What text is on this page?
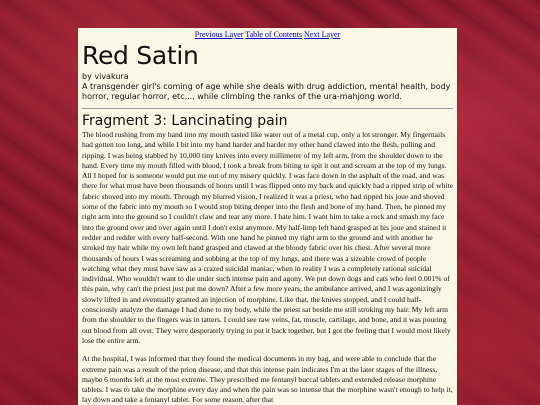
Previous Layer Table of Contents Next Layer
Red Satin

by vivakura

A transgender girl's coming of age while she deals with drug addiction, mental health, body horror, regular horror, etc..., while climbing the ranks of the ura-mahjong world.

Fragment 3: Lancinating pain

The blood rushing from my hand into my mouth tasted like water out of a metal cup, only a lot stronger. My fingernails had gotten too long, and while I bit into my hand harder and harder my other hand clawed into the flesh, pulling and ripping. I was being stabbed by 10,000 tiny knives into every millimeter of my left arm, from the shoulder down to the hand. Every time my mouth filled with blood, I took a break from biting to spit it out and scream at the top of my lungs. All I hoped for is someone would put me out of my misery quickly. I was face down in the asphalt of the road, and was there for what must have been thousands of hours until I was flipped onto my back and quickly had a ripped strip of white fabric shoved into my mouth. Through my blurred vision, I realized it was a priest, who had ripped his joue and shoved some of the fabric into my mouth so I would stop biting deeper into the flesh and bone of my hand. Then, he pinned my right arm into the ground so I couldn't claw and tear any more. I hate him. I want him to take a rock and smash my face into the ground over and over again until I don't exist anymore. My half-limp left hand grasped at his joue and stained it redder and redder with every half-second. With one hand he pinned my right arm to the ground and with another he stroked my hair while my own left hand grasped and clawed at the bloody fabric over his chest. After several more thousands of hours I was screaming and sobbing at the top of my lungs, and there was a sizeable crowd of people watching what they must have saw as a crazed suicidal maniac, when in reality I was a completely rational suicidal individual. Who wouldn't want to die under such intense pain and agony. We put down dogs and cats who feel 0.001% of this pain, why can't the priest just put me down? After a few more years, the ambulance arrived, and I was agonizingly slowly lifted in and eventually granted an injection of morphine. Like that, the knives stopped, and I could half-consciously analyze the damage I had done to my body, while the priest sat beside me still stroking my hair. My left arm from the shoulder to the fingers was in tatters. I could see raw veins, fat, muscle, cartilage, and bone, and it was pouring out blood from all over. They were desperately trying to put it back together, but I got the feeling that I would most likely lose the entire arm.

At the hospital, I was informed that they found the medical documents in my bag, and were able to conclude that the extreme pain was a result of the prion disease, and that this intense pain indicates I'm at the later stages of the illness, maybe 6 months left at the most extreme. They prescribed me fentanyl buccal tablets and extended release morphine tablets. I was to take the morphine every day and when the pain was so intense that the morphine wasn't enough to help it, lay down and take a fentanyl tablet. For some reason, after that
